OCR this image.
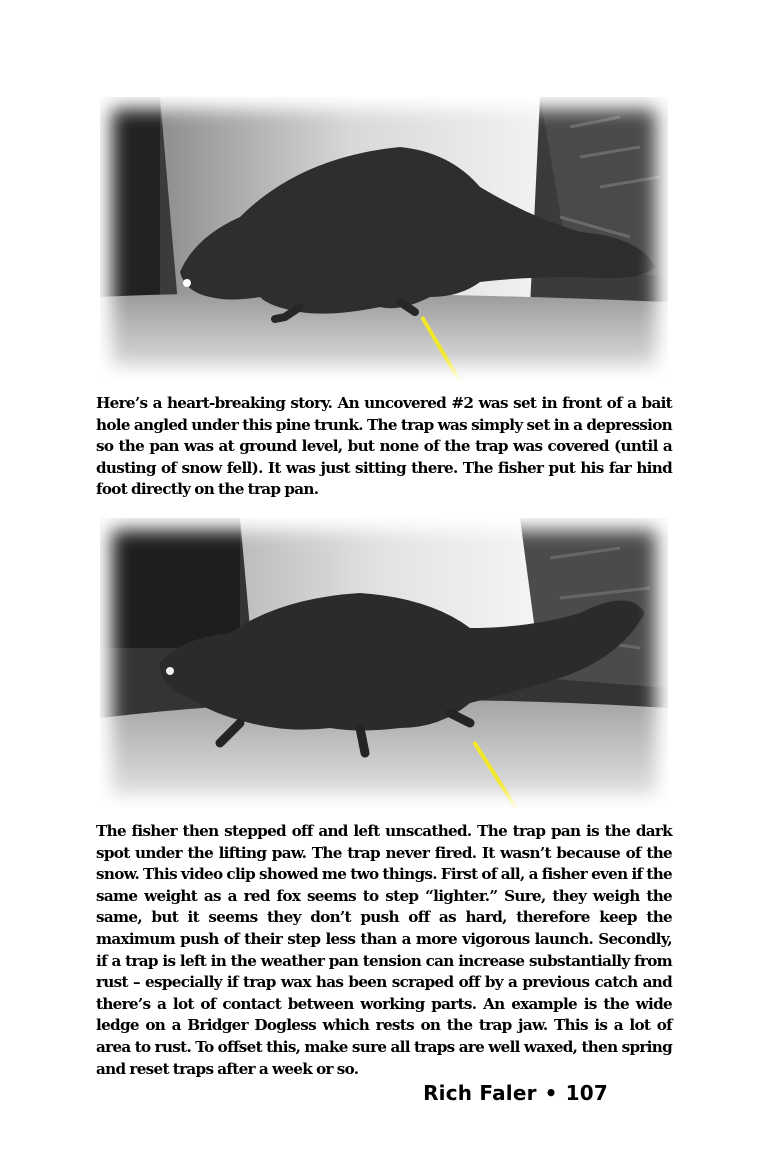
Here’s a heart-breaking story. An uncovered #2 was set in front of a bait hole angled under this pine trunk. The trap was simply set in a depression so the pan was at ground level, but none of the trap was covered (until a dusting of snow fell). It was just sitting there. The fisher put his far hind foot directly on the trap pan.

The fisher then stepped off and left unscathed. The trap pan is the dark spot under the lifting paw. The trap never fired. It wasn’t because of the snow. This video clip showed me two things. First of all, a fisher even if the same weight as a red fox seems to step “lighter.” Sure, they weigh the same, but it seems they don’t push off as hard, therefore keep the maximum push of their step less than a more vigorous launch. Secondly, if a trap is left in the weather pan tension can increase substantially from rust – especially if trap wax has been scraped off by a previous catch and there’s a lot of contact between working parts. An example is the wide ledge on a Bridger Dogless which rests on the trap jaw. This is a lot of area to rust. To offset this, make sure all traps are well waxed, then spring and reset traps after a week or so.

Rich Faler • 107
